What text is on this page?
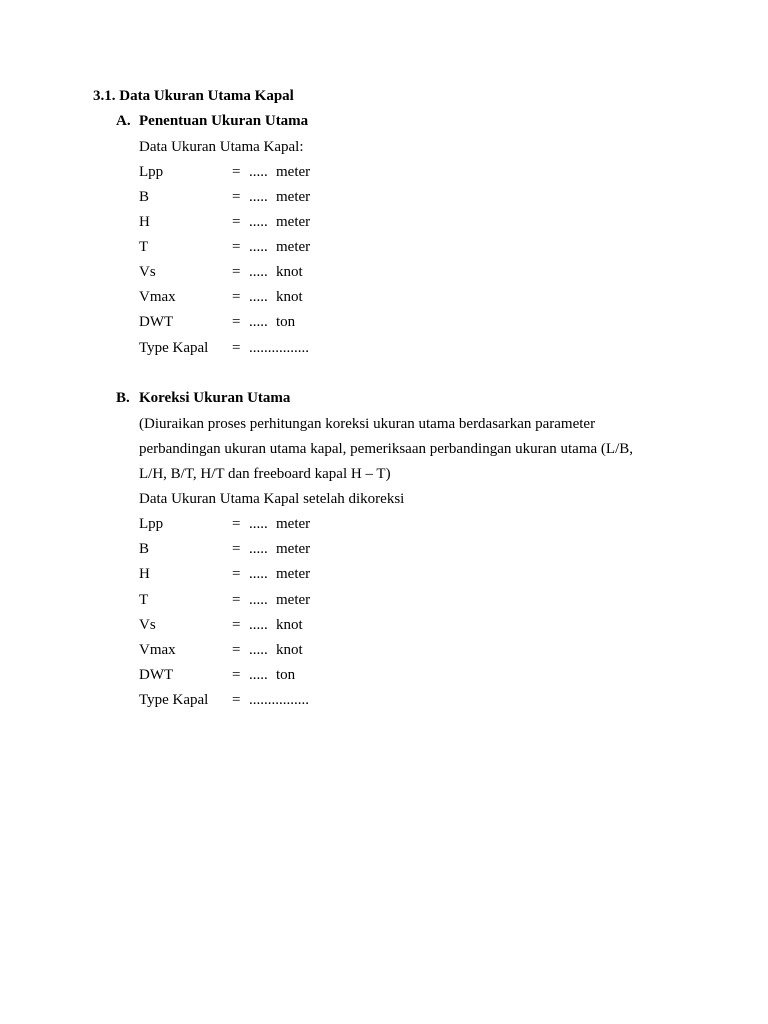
3.1. Data Ukuran Utama Kapal
A. Penentuan Ukuran Utama
Data Ukuran Utama Kapal:
Lpp	= ..... meter
B	= ..... meter
H	= ..... meter
T	= ..... meter
Vs	= ..... knot
Vmax	= ..... knot
DWT	= ..... ton
Type Kapal = ................
B. Koreksi Ukuran Utama
(Diuraikan proses perhitungan koreksi ukuran utama berdasarkan parameter
perbandingan ukuran utama kapal, pemeriksaan perbandingan ukuran utama (L/B,
L/H, B/T, H/T dan freeboard kapal H – T)
Data Ukuran Utama Kapal setelah dikoreksi
Lpp	= ..... meter
B	= ..... meter
H	= ..... meter
T	= ..... meter
Vs	= ..... knot
Vmax	= ..... knot
DWT	= ..... ton
Type Kapal = ................
